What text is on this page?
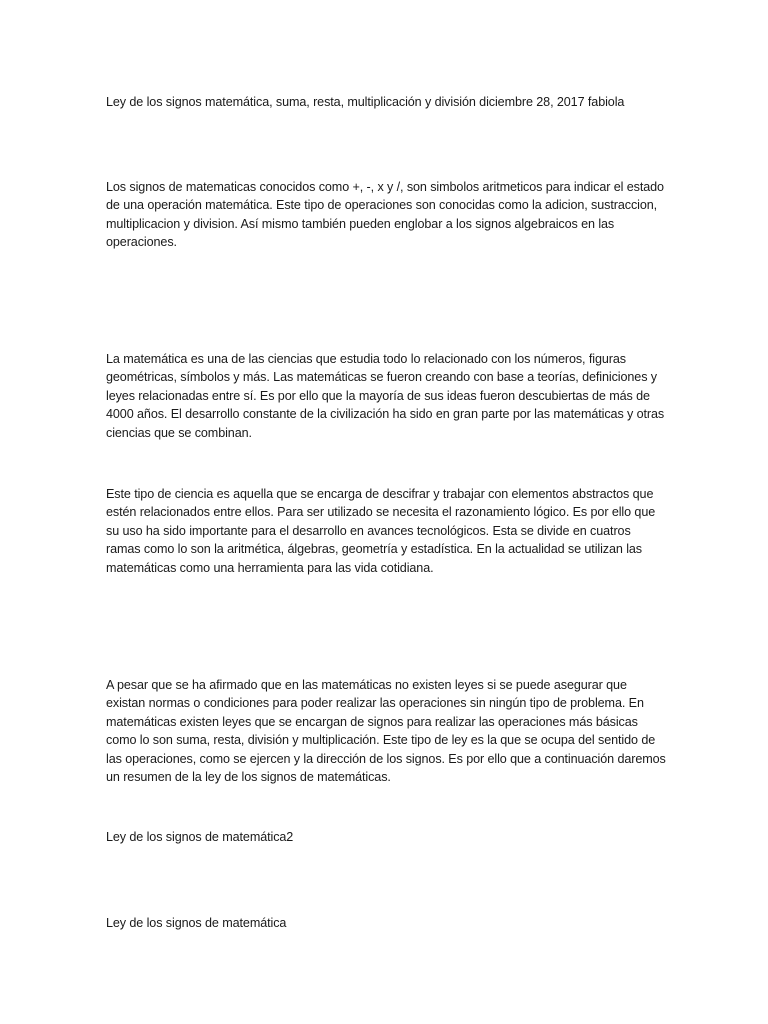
Ley de los signos matemática, suma, resta, multiplicación y división diciembre 28, 2017 fabiola

Los signos de matematicas conocidos como +, -, x y /, son simbolos aritmeticos para indicar el estado de una operación matemática. Este tipo de operaciones son conocidas como la adicion, sustraccion, multiplicacion y division. Así mismo también pueden englobar a los signos algebraicos en las operaciones.

La matemática es una de las ciencias que estudia todo lo relacionado con los números, figuras geométricas, símbolos y más. Las matemáticas se fueron creando con base a teorías, definiciones y leyes relacionadas entre sí. Es por ello que la mayoría de sus ideas fueron descubiertas de más de 4000 años. El desarrollo constante de la civilización ha sido en gran parte por las matemáticas y otras ciencias que se combinan.

Este tipo de ciencia es aquella que se encarga de descifrar y trabajar con elementos abstractos que estén relacionados entre ellos. Para ser utilizado se necesita el razonamiento lógico. Es por ello que su uso ha sido importante para el desarrollo en avances tecnológicos. Esta se divide en cuatros ramas como lo son la aritmética, álgebras, geometría y estadística. En la actualidad se utilizan las matemáticas como una herramienta para las vida cotidiana.

A pesar que se ha afirmado que en las matemáticas no existen leyes si se puede asegurar que existan normas o condiciones para poder realizar las operaciones sin ningún tipo de problema. En matemáticas existen leyes que se encargan de signos para realizar las operaciones más básicas como lo son suma, resta, división y multiplicación. Este tipo de ley es la que se ocupa del sentido de las operaciones, como se ejercen y la dirección de los signos. Es por ello que a continuación daremos un resumen de la ley de los signos de matemáticas.

Ley de los signos de matemática2

Ley de los signos de matemática
